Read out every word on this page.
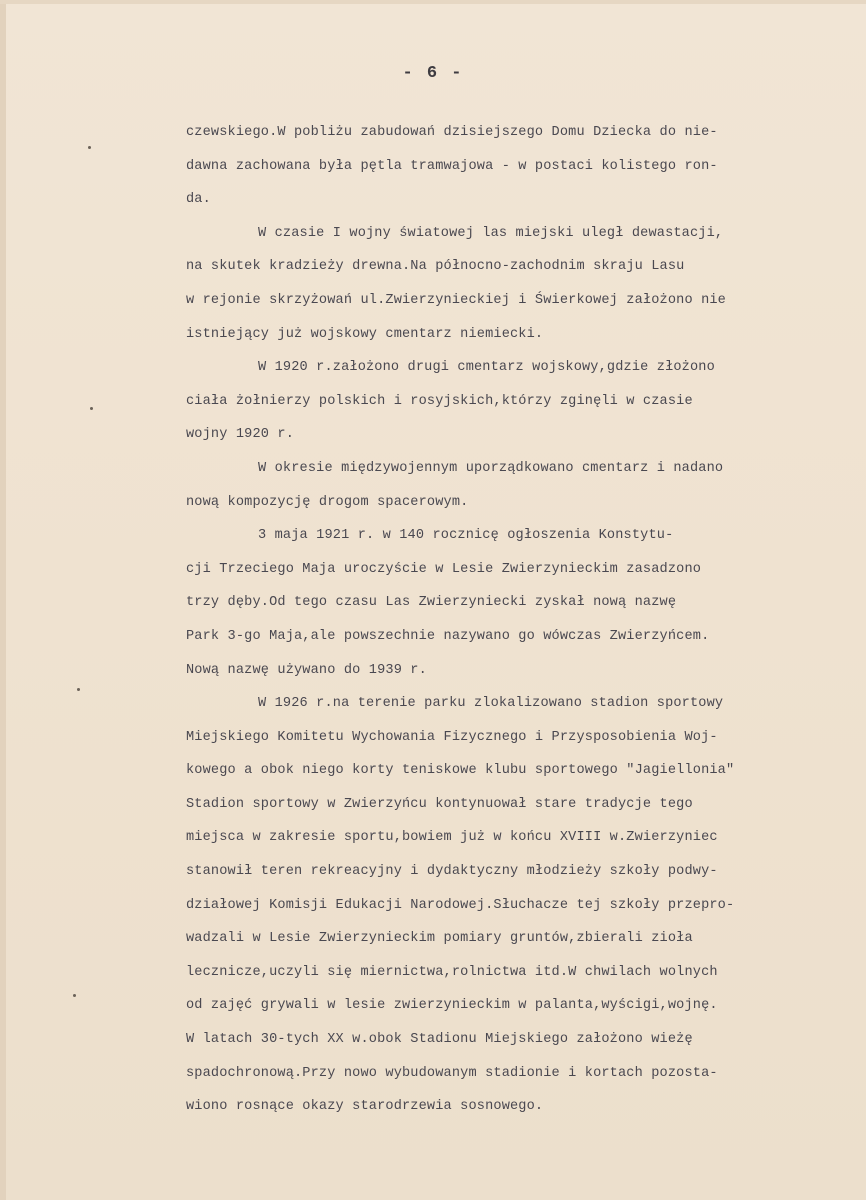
- 6 -
czewskiego.W pobliżu zabudowań dzisiejszego Domu Dziecka do nie-
dawna zachowana była pętla tramwajowa - w postaci kolistego ron-
da.
W czasie I wojny światowej las miejski uległ dewastacji,
na skutek kradzieży drewna.Na północno-zachodnim skraju Lasu
w rejonie skrzyżowań ul.Zwierzynieckiej i Świerkowej założono nie
istniejący już wojskowy cmentarz niemiecki.
W 1920 r.założono drugi cmentarz wojskowy,gdzie złożono
ciała żołnierzy polskich i rosyjskich,którzy zginęli w czasie
wojny 1920 r.
W okresie międzywojennym uporządkowano cmentarz i nadano
nową kompozycję drogom spacerowym.
3 maja 1921 r. w 140 rocznicę ogłoszenia Konstytu-
cji Trzeciego Maja uroczyście w Lesie Zwierzynieckim zasadzono
trzy dęby.Od tego czasu Las Zwierzyniecki zyskał nową nazwę
Park 3-go Maja,ale powszechnie nazywano go wówczas Zwierzyńcem.
Nową nazwę używano do 1939 r.
W 1926 r.na terenie parku zlokalizowano stadion sportowy
Miejskiego Komitetu Wychowania Fizycznego i Przysposobienia Woj-
kowego a obok niego korty teniskowe klubu sportowego "Jagiellonia"
Stadion sportowy w Zwierzyńcu kontynuował stare tradycje tego
miejsca w zakresie sportu,bowiem już w końcu XVIII w.Zwierzyniec
stanowił teren rekreacyjny i dydaktyczny młodzieży szkoły podwy-
działowej Komisji Edukacji Narodowej.Słuchacze tej szkoły przepro-
wadzali w Lesie Zwierzynieckim pomiary gruntów,zbierali zioła
lecznicze,uczyli się miernictwa,rolnictwa itd.W chwilach wolnych
od zajęć grywali w lesie zwierzynieckim w palanta,wyścigi,wojnę.
W latach 30-tych XX w.obok Stadionu Miejskiego założono wieżę
spadochronową.Przy nowo wybudowanym stadionie i kortach pozosta-
wiono rosnące okazy starodrzewia sosnowego.
